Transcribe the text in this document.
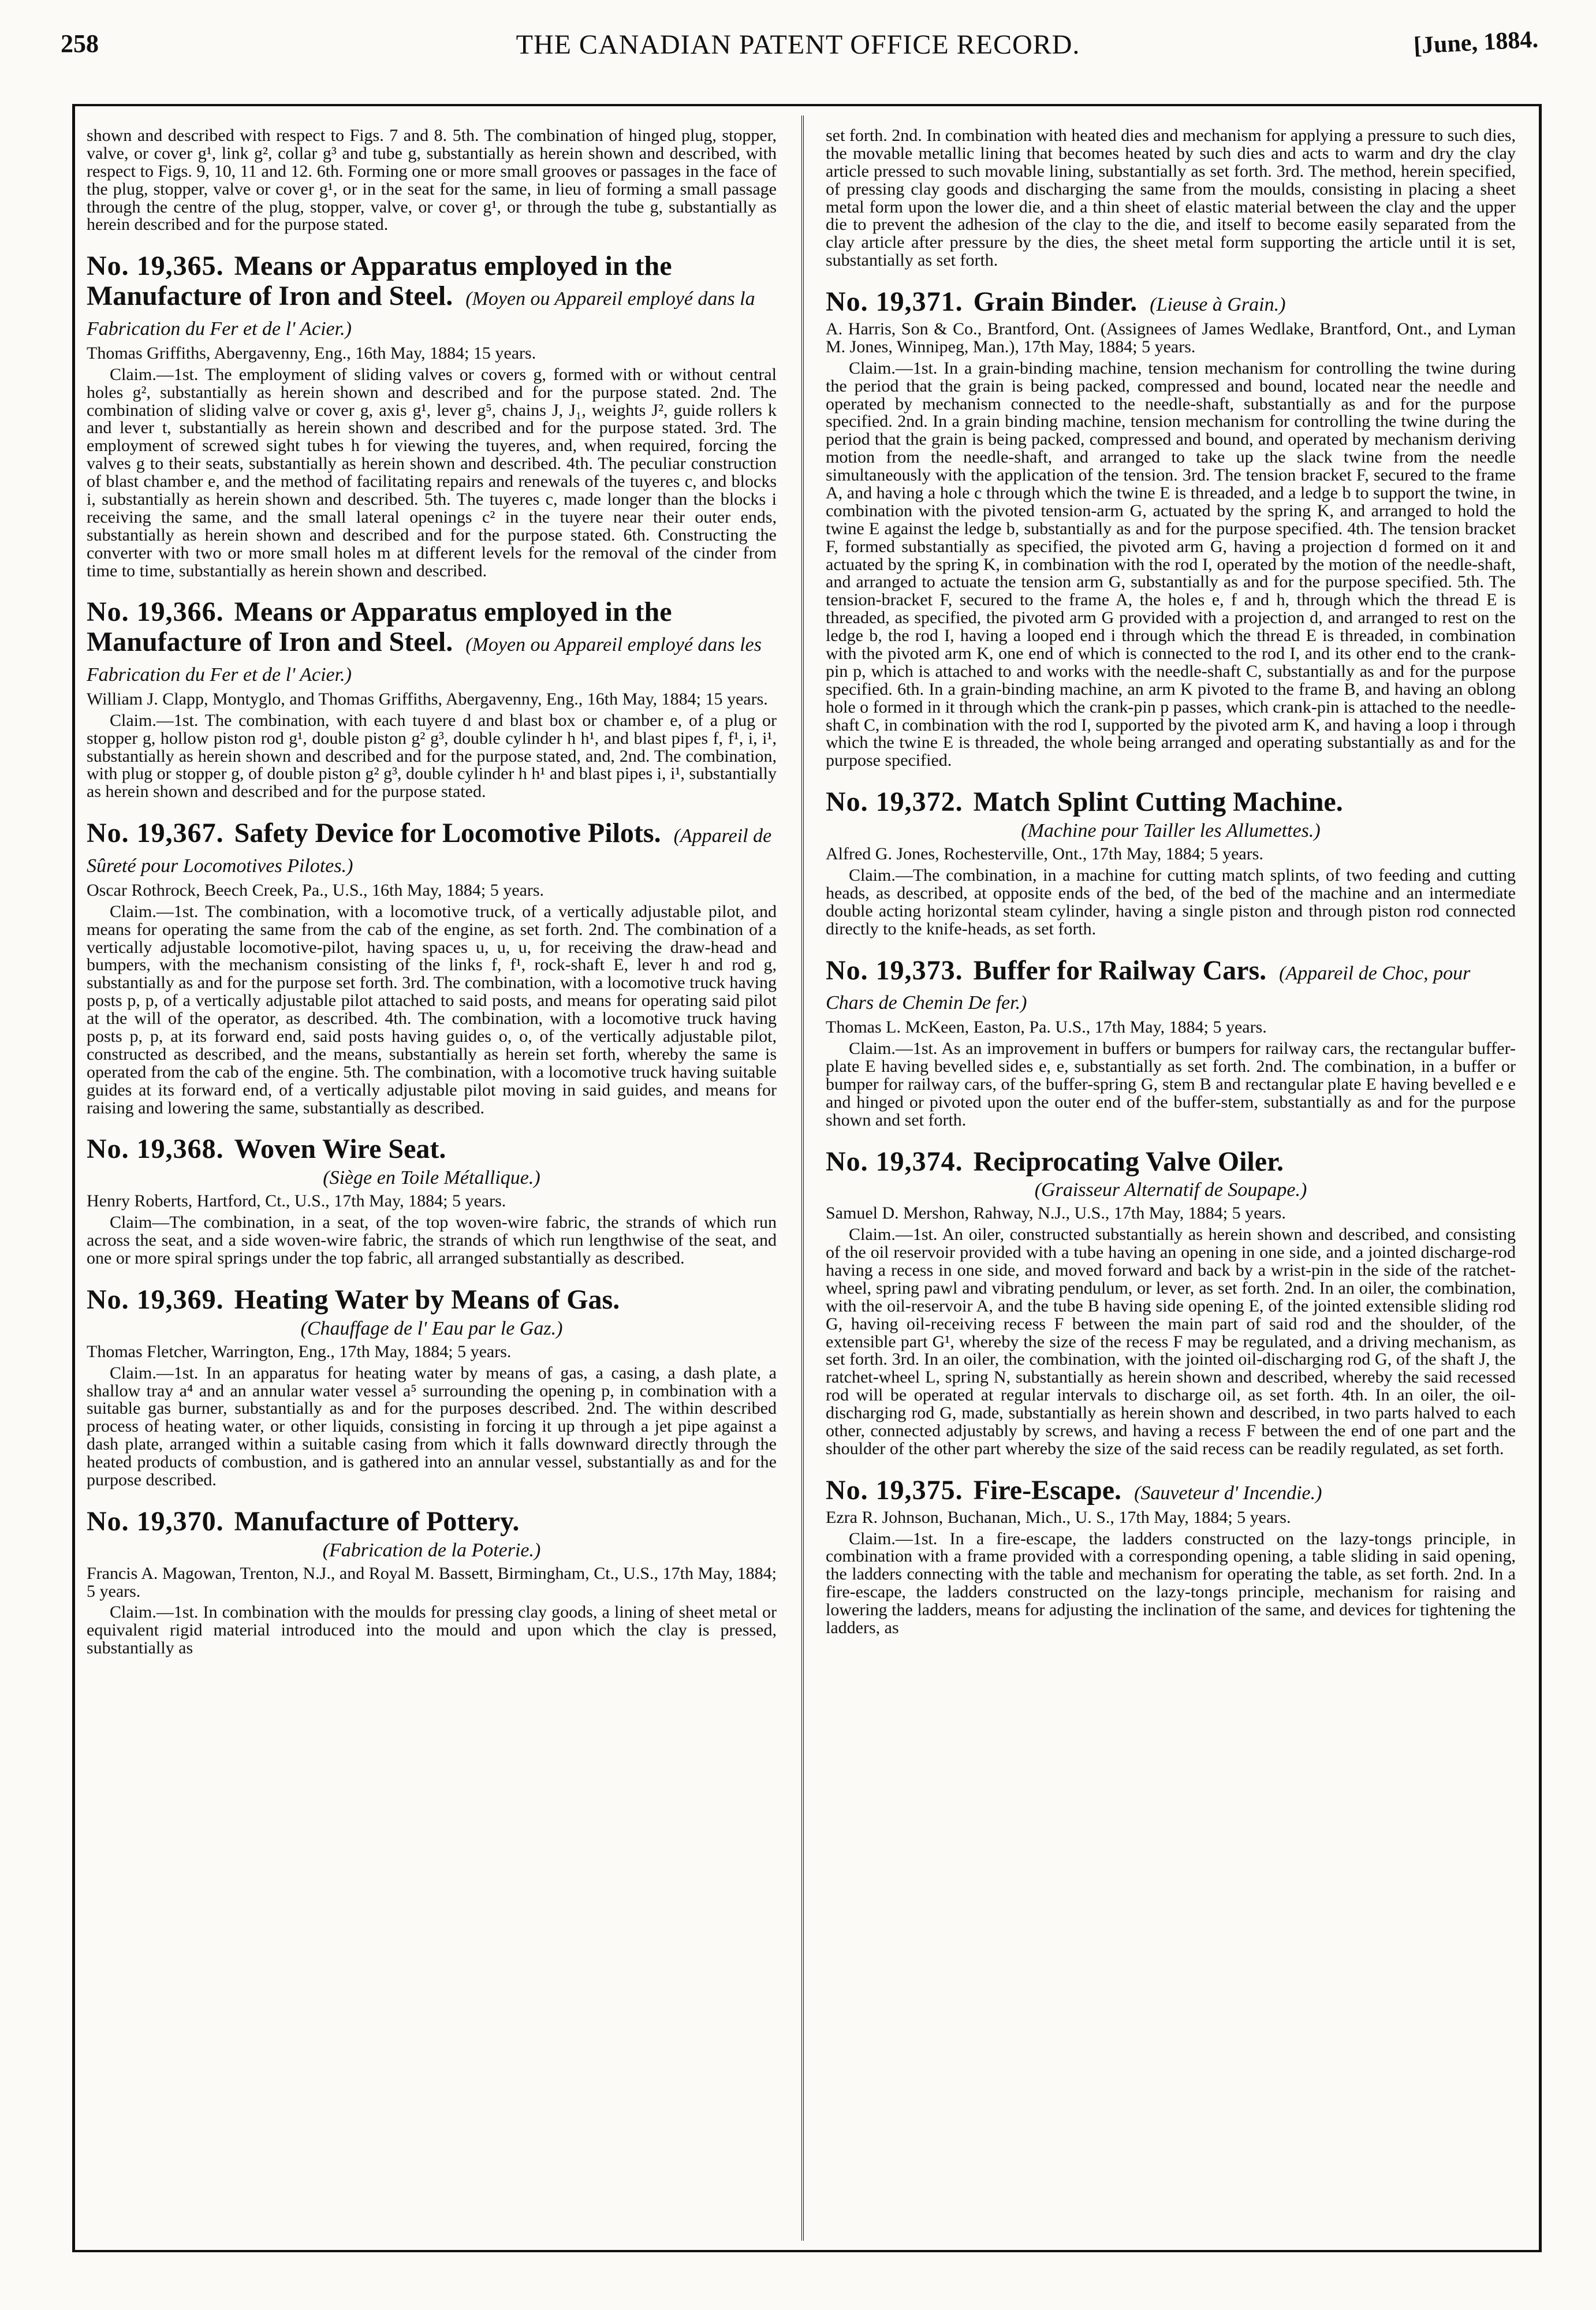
258	THE CANADIAN PATENT OFFICE RECORD.	[June, 1884.

shown and described with respect to Figs. 7 and 8. 5th. The combination of hinged plug, stopper, valve, or cover g¹, link g², collar g³ and tube g, substantially as herein shown and described, with respect to Figs. 9, 10, 11 and 12. 6th. Forming one or more small grooves or passages in the face of the plug, stopper, valve or cover g¹, or in the seat for the same, in lieu of forming a small passage through the centre of the plug, stopper, valve, or cover g¹, or through the tube g, substantially as herein described and for the purpose stated.

No. 19,365. Means or Apparatus employed in the Manufacture of Iron and Steel. (Moyen ou Appareil employé dans la Fabrication du Fer et de l' Acier.)

Thomas Griffiths, Abergavenny, Eng., 16th May, 1884; 15 years.

Claim.—1st. The employment of sliding valves or covers g, formed with or without central holes g², substantially as herein shown and described and for the purpose stated. 2nd. The combination of sliding valve or cover g, axis g¹, lever g⁵, chains J, J₁, weights J², guide rollers k and lever t, substantially as herein shown and described and for the purpose stated. 3rd. The employment of screwed sight tubes h for viewing the tuyeres, and, when required, forcing the valves g to their seats, substantially as herein shown and described. 4th. The peculiar construction of blast chamber e, and the method of facilitating repairs and renewals of the tuyeres c, and blocks i, substantially as herein shown and described. 5th. The tuyeres c, made longer than the blocks i receiving the same, and the small lateral openings c² in the tuyere near their outer ends, substantially as herein shown and described and for the purpose stated. 6th. Constructing the converter with two or more small holes m at different levels for the removal of the cinder from time to time, substantially as herein shown and described.

No. 19,366. Means or Apparatus employed in the Manufacture of Iron and Steel. (Moyen ou Appareil employé dans les Fabrication du Fer et de l' Acier.)

William J. Clapp, Montyglo, and Thomas Griffiths, Abergavenny, Eng., 16th May, 1884; 15 years.

Claim.—1st. The combination, with each tuyere d and blast box or chamber e, of a plug or stopper g, hollow piston rod g¹, double piston g² g³, double cylinder h h¹, and blast pipes f, f¹, i, i¹, substantially as herein shown and described and for the purpose stated, and, 2nd. The combination, with plug or stopper g, of double piston g² g³, double cylinder h h¹ and blast pipes i, i¹, substantially as herein shown and described and for the purpose stated.

No. 19,367. Safety Device for Locomotive Pilots. (Appareil de Sûreté pour Locomotives Pilotes.)

Oscar Rothrock, Beech Creek, Pa., U.S., 16th May, 1884; 5 years.

Claim.—1st. The combination, with a locomotive truck, of a vertically adjustable pilot, and means for operating the same from the cab of the engine, as set forth. 2nd. The combination of a vertically adjustable locomotive-pilot, having spaces u, u, u, for receiving the draw-head and bumpers, with the mechanism consisting of the links f, f¹, rock-shaft E, lever h and rod g, substantially as and for the purpose set forth. 3rd. The combination, with a locomotive truck having posts p, p, of a vertically adjustable pilot attached to said posts, and means for operating said pilot at the will of the operator, as described. 4th. The combination, with a locomotive truck having posts p, p, at its forward end, said posts having guides o, o, of the vertically adjustable pilot, constructed as described, and the means, substantially as herein set forth, whereby the same is operated from the cab of the engine. 5th. The combination, with a locomotive truck having suitable guides at its forward end, of a vertically adjustable pilot moving in said guides, and means for raising and lowering the same, substantially as described.

No. 19,368. Woven Wire Seat.
(Siège en Toile Métallique.)

Henry Roberts, Hartford, Ct., U.S., 17th May, 1884; 5 years.

Claim—The combination, in a seat, of the top woven-wire fabric, the strands of which run across the seat, and a side woven-wire fabric, the strands of which run lengthwise of the seat, and one or more spiral springs under the top fabric, all arranged substantially as described.

No. 19,369. Heating Water by Means of Gas.
(Chauffage de l' Eau par le Gaz.)

Thomas Fletcher, Warrington, Eng., 17th May, 1884; 5 years.

Claim.—1st. In an apparatus for heating water by means of gas, a casing, a dash plate, a shallow tray a⁴ and an annular water vessel a⁵ surrounding the opening p, in combination with a suitable gas burner, substantially as and for the purposes described. 2nd. The within described process of heating water, or other liquids, consisting in forcing it up through a jet pipe against a dash plate, arranged within a suitable casing from which it falls downward directly through the heated products of combustion, and is gathered into an annular vessel, substantially as and for the purpose described.

No. 19,370. Manufacture of Pottery.
(Fabrication de la Poterie.)

Francis A. Magowan, Trenton, N.J., and Royal M. Bassett, Birmingham, Ct., U.S., 17th May, 1884; 5 years.

Claim.—1st. In combination with the moulds for pressing clay goods, a lining of sheet metal or equivalent rigid material introduced into the mould and upon which the clay is pressed, substantially as

set forth. 2nd. In combination with heated dies and mechanism for applying a pressure to such dies, the movable metallic lining that becomes heated by such dies and acts to warm and dry the clay article pressed to such movable lining, substantially as set forth. 3rd. The method, herein specified, of pressing clay goods and discharging the same from the moulds, consisting in placing a sheet metal form upon the lower die, and a thin sheet of elastic material between the clay and the upper die to prevent the adhesion of the clay to the die, and itself to become easily separated from the clay article after pressure by the dies, the sheet metal form supporting the article until it is set, substantially as set forth.

No. 19,371. Grain Binder. (Lieuse à Grain.)

A. Harris, Son & Co., Brantford, Ont. (Assignees of James Wedlake, Brantford, Ont., and Lyman M. Jones, Winnipeg, Man.), 17th May, 1884; 5 years.

Claim.—1st. In a grain-binding machine, tension mechanism for controlling the twine during the period that the grain is being packed, compressed and bound, located near the needle and operated by mechanism connected to the needle-shaft, substantially as and for the purpose specified. 2nd. In a grain binding machine, tension mechanism for controlling the twine during the period that the grain is being packed, compressed and bound, and operated by mechanism deriving motion from the needle-shaft, and arranged to take up the slack twine from the needle simultaneously with the application of the tension. 3rd. The tension bracket F, secured to the frame A, and having a hole c through which the twine E is threaded, and a ledge b to support the twine, in combination with the pivoted tension-arm G, actuated by the spring K, and arranged to hold the twine E against the ledge b, substantially as and for the purpose specified. 4th. The tension bracket F, formed substantially as specified, the pivoted arm G, having a projection d formed on it and actuated by the spring K, in combination with the rod I, operated by the motion of the needle-shaft, and arranged to actuate the tension arm G, substantially as and for the purpose specified. 5th. The tension-bracket F, secured to the frame A, the holes e, f and h, through which the thread E is threaded, as specified, the pivoted arm G provided with a projection d, and arranged to rest on the ledge b, the rod I, having a looped end i through which the thread E is threaded, in combination with the pivoted arm K, one end of which is connected to the rod I, and its other end to the crank-pin p, which is attached to and works with the needle-shaft C, substantially as and for the purpose specified. 6th. In a grain-binding machine, an arm K pivoted to the frame B, and having an oblong hole o formed in it through which the crank-pin p passes, which crank-pin is attached to the needle-shaft C, in combination with the rod I, supported by the pivoted arm K, and having a loop i through which the twine E is threaded, the whole being arranged and operating substantially as and for the purpose specified.

No. 19,372. Match Splint Cutting Machine.
(Machine pour Tailler les Allumettes.)

Alfred G. Jones, Rochesterville, Ont., 17th May, 1884; 5 years.

Claim.—The combination, in a machine for cutting match splints, of two feeding and cutting heads, as described, at opposite ends of the bed, of the bed of the machine and an intermediate double acting horizontal steam cylinder, having a single piston and through piston rod connected directly to the knife-heads, as set forth.

No. 19,373. Buffer for Railway Cars. (Appareil de Choc, pour Chars de Chemin De fer.)

Thomas L. McKeen, Easton, Pa. U.S., 17th May, 1884; 5 years.

Claim.—1st. As an improvement in buffers or bumpers for railway cars, the rectangular buffer-plate E having bevelled sides e, e, substantially as set forth. 2nd. The combination, in a buffer or bumper for railway cars, of the buffer-spring G, stem B and rectangular plate E having bevelled e e and hinged or pivoted upon the outer end of the buffer-stem, substantially as and for the purpose shown and set forth.

No. 19,374. Reciprocating Valve Oiler.
(Graisseur Alternatif de Soupape.)

Samuel D. Mershon, Rahway, N.J., U.S., 17th May, 1884; 5 years.

Claim.—1st. An oiler, constructed substantially as herein shown and described, and consisting of the oil reservoir provided with a tube having an opening in one side, and a jointed discharge-rod having a recess in one side, and moved forward and back by a wrist-pin in the side of the ratchet-wheel, spring pawl and vibrating pendulum, or lever, as set forth. 2nd. In an oiler, the combination, with the oil-reservoir A, and the tube B having side opening E, of the jointed extensible sliding rod G, having oil-receiving recess F between the main part of said rod and the shoulder, of the extensible part G¹, whereby the size of the recess F may be regulated, and a driving mechanism, as set forth. 3rd. In an oiler, the combination, with the jointed oil-discharging rod G, of the shaft J, the ratchet-wheel L, spring N, substantially as herein shown and described, whereby the said recessed rod will be operated at regular intervals to discharge oil, as set forth. 4th. In an oiler, the oil-discharging rod G, made, substantially as herein shown and described, in two parts halved to each other, connected adjustably by screws, and having a recess F between the end of one part and the shoulder of the other part whereby the size of the said recess can be readily regulated, as set forth.

No. 19,375. Fire-Escape. (Sauveteur d' Incendie.)

Ezra R. Johnson, Buchanan, Mich., U. S., 17th May, 1884; 5 years.

Claim.—1st. In a fire-escape, the ladders constructed on the lazy-tongs principle, in combination with a frame provided with a corresponding opening, a table sliding in said opening, the ladders connecting with the table and mechanism for operating the table, as set forth. 2nd. In a fire-escape, the ladders constructed on the lazy-tongs principle, mechanism for raising and lowering the ladders, means for adjusting the inclination of the same, and devices for tightening the ladders, as
